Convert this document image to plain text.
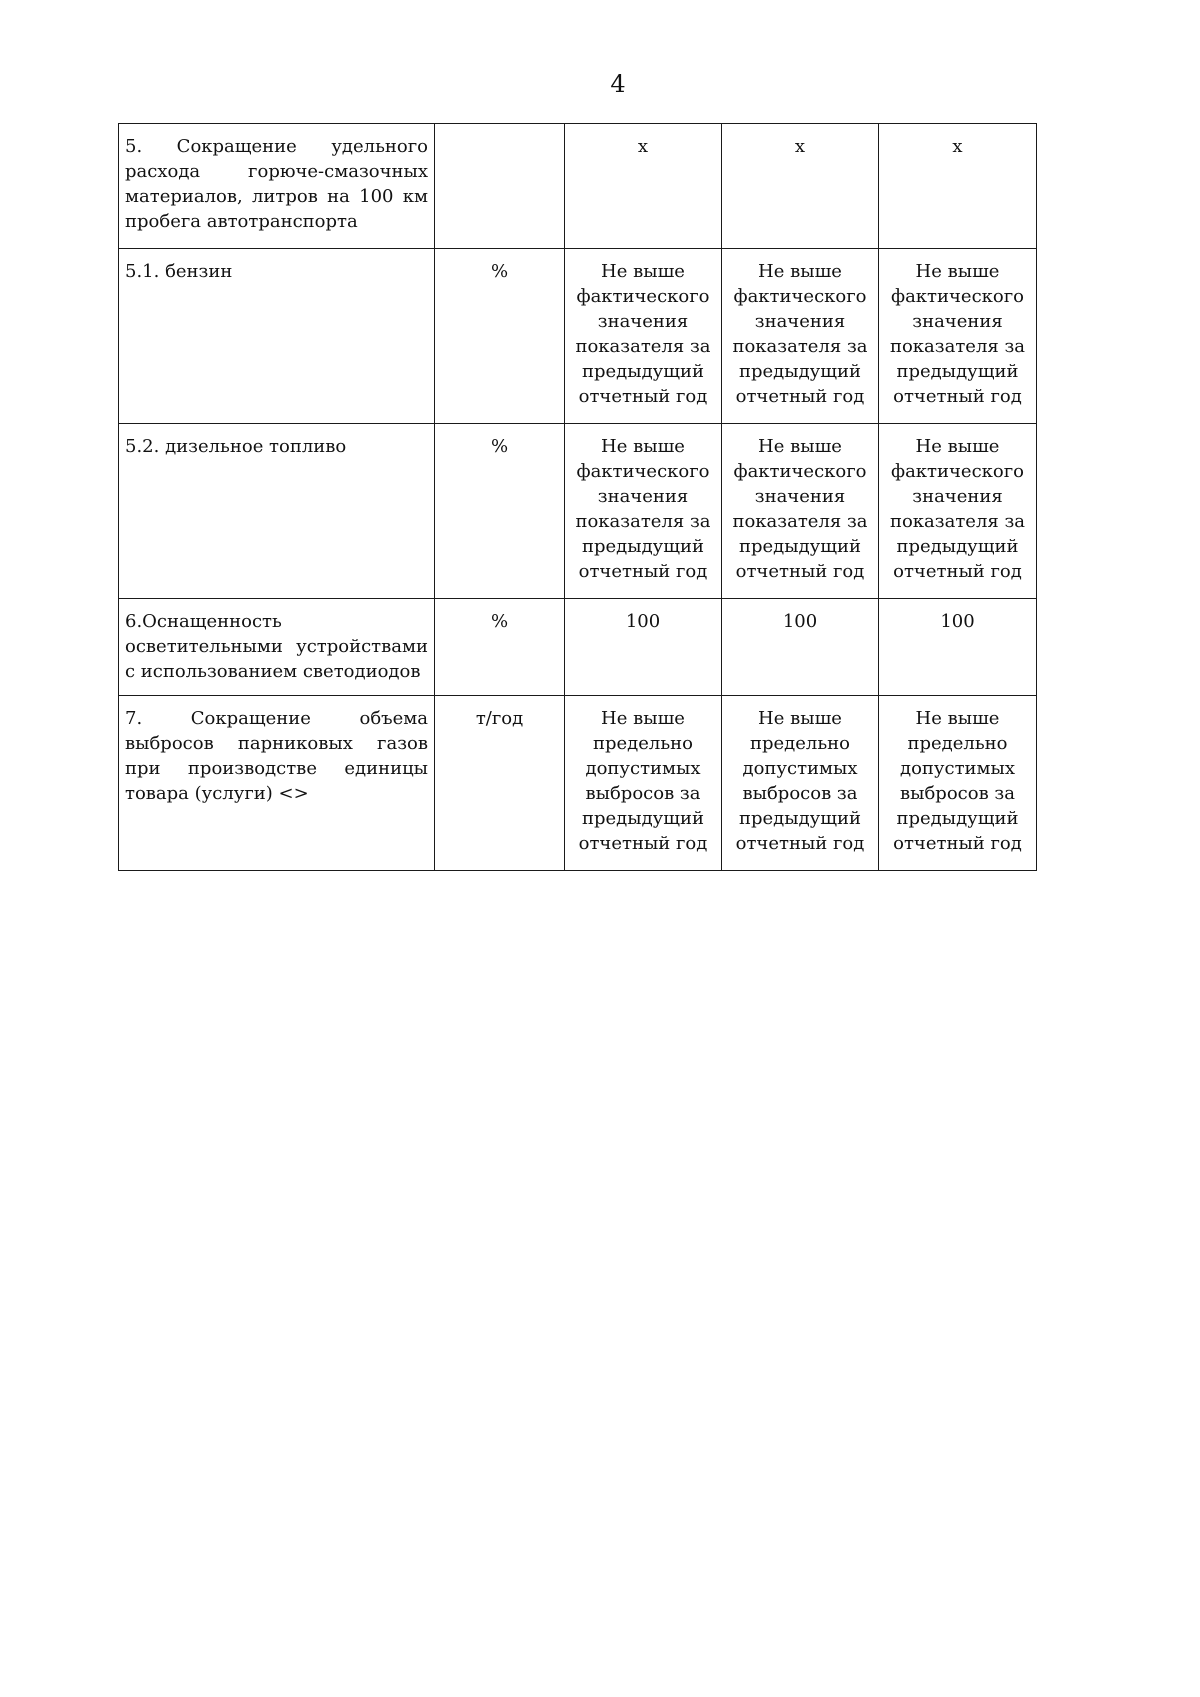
4
5. Сокращение удельного расхода горюче-смазочных материалов, литров на 100 км пробега автотранспорта		x	x	x
5.1. бензин	%	Не выше фактического значения показателя за предыдущий отчетный год	Не выше фактического значения показателя за предыдущий отчетный год	Не выше фактического значения показателя за предыдущий отчетный год
5.2. дизельное топливо	%	Не выше фактического значения показателя за предыдущий отчетный год	Не выше фактического значения показателя за предыдущий отчетный год	Не выше фактического значения показателя за предыдущий отчетный год
6.Оснащенность осветительными устройствами с использованием светодиодов	%	100	100	100
7. Сокращение объема выбросов парниковых газов при производстве единицы товара (услуги) <>	т/год	Не выше предельно допустимых выбросов за предыдущий отчетный год	Не выше предельно допустимых выбросов за предыдущий отчетный год	Не выше предельно допустимых выбросов за предыдущий отчетный год
